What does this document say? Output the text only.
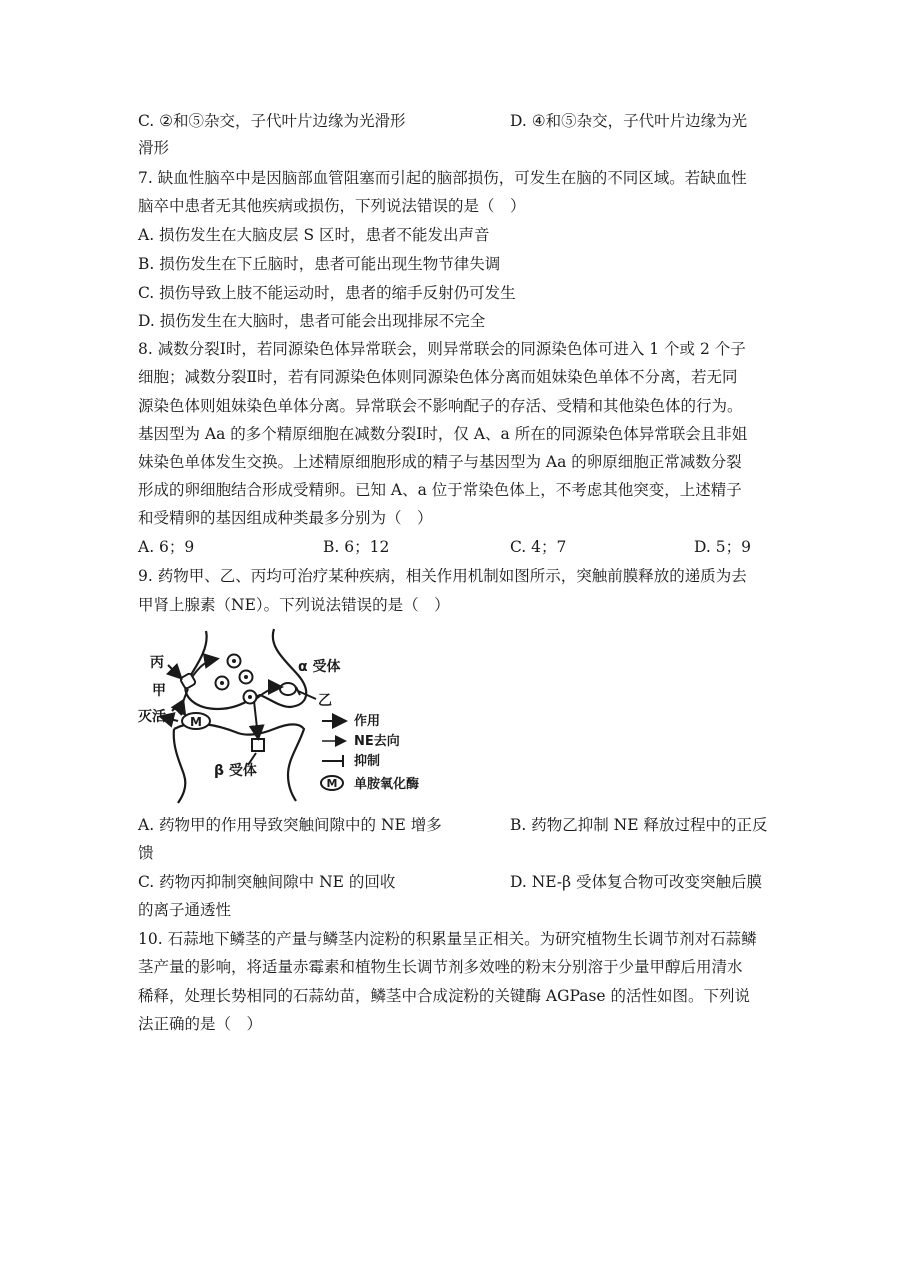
C. ②和⑤杂交，子代叶片边缘为光滑形	D. ④和⑤杂交，子代叶片边缘为光
滑形
7. 缺血性脑卒中是因脑部血管阻塞而引起的脑部损伤，可发生在脑的不同区域。若缺血性
脑卒中患者无其他疾病或损伤，下列说法错误的是（　）
A. 损伤发生在大脑皮层 S 区时，患者不能发出声音
B. 损伤发生在下丘脑时，患者可能出现生物节律失调
C. 损伤导致上肢不能运动时，患者的缩手反射仍可发生
D. 损伤发生在大脑时，患者可能会出现排尿不完全
8. 减数分裂Ⅰ时，若同源染色体异常联会，则异常联会的同源染色体可进入 1 个或 2 个子
细胞；减数分裂Ⅱ时，若有同源染色体则同源染色体分离而姐妹染色单体不分离，若无同
源染色体则姐妹染色单体分离。异常联会不影响配子的存活、受精和其他染色体的行为。
基因型为 Aa 的多个精原细胞在减数分裂Ⅰ时，仅 A、a 所在的同源染色体异常联会且非姐
妹染色单体发生交换。上述精原细胞形成的精子与基因型为 Aa 的卵原细胞正常减数分裂
形成的卵细胞结合形成受精卵。已知 A、a 位于常染色体上，不考虑其他突变，上述精子
和受精卵的基因组成种类最多分别为（　）
A. 6；9	B. 6；12	C. 4；7	D. 5；9
9. 药物甲、乙、丙均可治疗某种疾病，相关作用机制如图所示，突触前膜释放的递质为去
甲肾上腺素（NE）。下列说法错误的是（　）
M
丙
甲
灭活
α 受体
乙
β 受体
作用
NE去向
抑制
M 单胺氧化酶
A. 药物甲的作用导致突触间隙中的 NE 增多	B. 药物乙抑制 NE 释放过程中的正反
馈
C. 药物丙抑制突触间隙中 NE 的回收	D. NE-β 受体复合物可改变突触后膜
的离子通透性
10. 石蒜地下鳞茎的产量与鳞茎内淀粉的积累量呈正相关。为研究植物生长调节剂对石蒜鳞
茎产量的影响，将适量赤霉素和植物生长调节剂多效唑的粉末分别溶于少量甲醇后用清水
稀释，处理长势相同的石蒜幼苗，鳞茎中合成淀粉的关键酶 AGPase 的活性如图。下列说
法正确的是（　）
